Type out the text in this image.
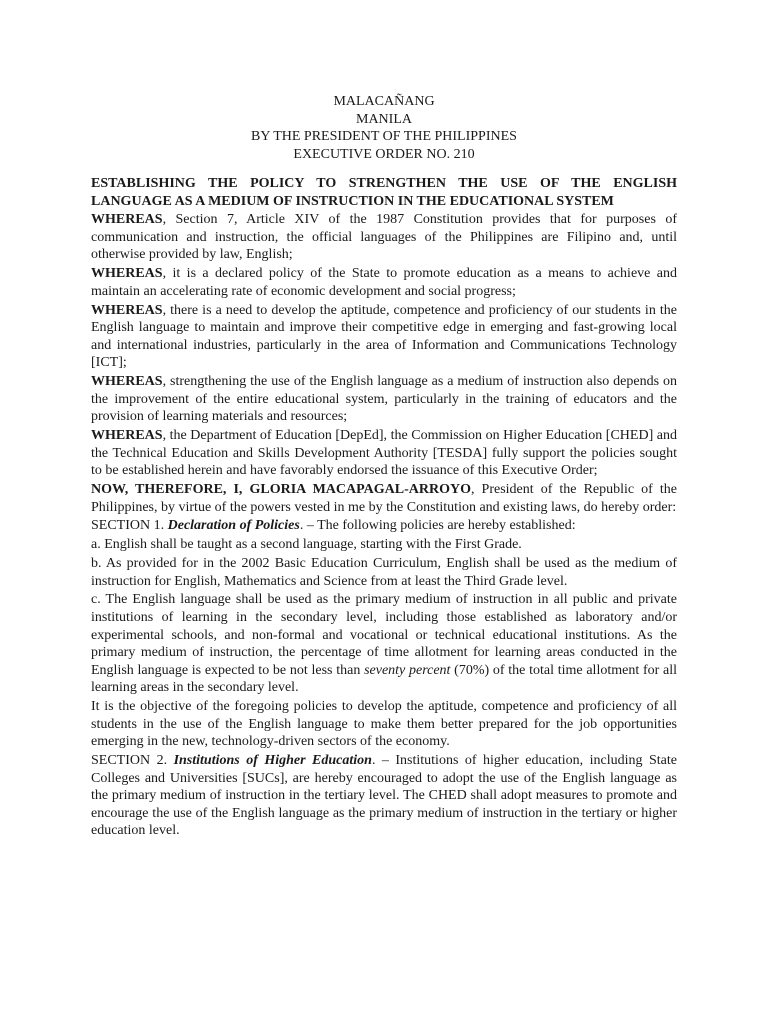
MALACAÑANG
MANILA
BY THE PRESIDENT OF THE PHILIPPINES
EXECUTIVE ORDER NO. 210
ESTABLISHING THE POLICY TO STRENGTHEN THE USE OF THE ENGLISH LANGUAGE AS A MEDIUM OF INSTRUCTION IN THE EDUCATIONAL SYSTEM

WHEREAS, Section 7, Article XIV of the 1987 Constitution provides that for purposes of communication and instruction, the official languages of the Philippines are Filipino and, until otherwise provided by law, English;

WHEREAS, it is a declared policy of the State to promote education as a means to achieve and maintain an accelerating rate of economic development and social progress;

WHEREAS, there is a need to develop the aptitude, competence and proficiency of our students in the English language to maintain and improve their competitive edge in emerging and fast-growing local and international industries, particularly in the area of Information and Communications Technology [ICT];

WHEREAS, strengthening the use of the English language as a medium of instruction also depends on the improvement of the entire educational system, particularly in the training of educators and the provision of learning materials and resources;

WHEREAS, the Department of Education [DepEd], the Commission on Higher Education [CHED] and the Technical Education and Skills Development Authority [TESDA] fully support the policies sought to be established herein and have favorably endorsed the issuance of this Executive Order;

NOW, THEREFORE, I, GLORIA MACAPAGAL-ARROYO, President of the Republic of the Philippines, by virtue of the powers vested in me by the Constitution and existing laws, do hereby order:

SECTION 1. Declaration of Policies. – The following policies are hereby established:

a. English shall be taught as a second language, starting with the First Grade.

b. As provided for in the 2002 Basic Education Curriculum, English shall be used as the medium of instruction for English, Mathematics and Science from at least the Third Grade level.

c. The English language shall be used as the primary medium of instruction in all public and private institutions of learning in the secondary level, including those established as laboratory and/or experimental schools, and non-formal and vocational or technical educational institutions. As the primary medium of instruction, the percentage of time allotment for learning areas conducted in the English language is expected to be not less than seventy percent (70%) of the total time allotment for all learning areas in the secondary level.

It is the objective of the foregoing policies to develop the aptitude, competence and proficiency of all students in the use of the English language to make them better prepared for the job opportunities emerging in the new, technology-driven sectors of the economy.

SECTION 2. Institutions of Higher Education. – Institutions of higher education, including State Colleges and Universities [SUCs], are hereby encouraged to adopt the use of the English language as the primary medium of instruction in the tertiary level. The CHED shall adopt measures to promote and encourage the use of the English language as the primary medium of instruction in the tertiary or higher education level.
